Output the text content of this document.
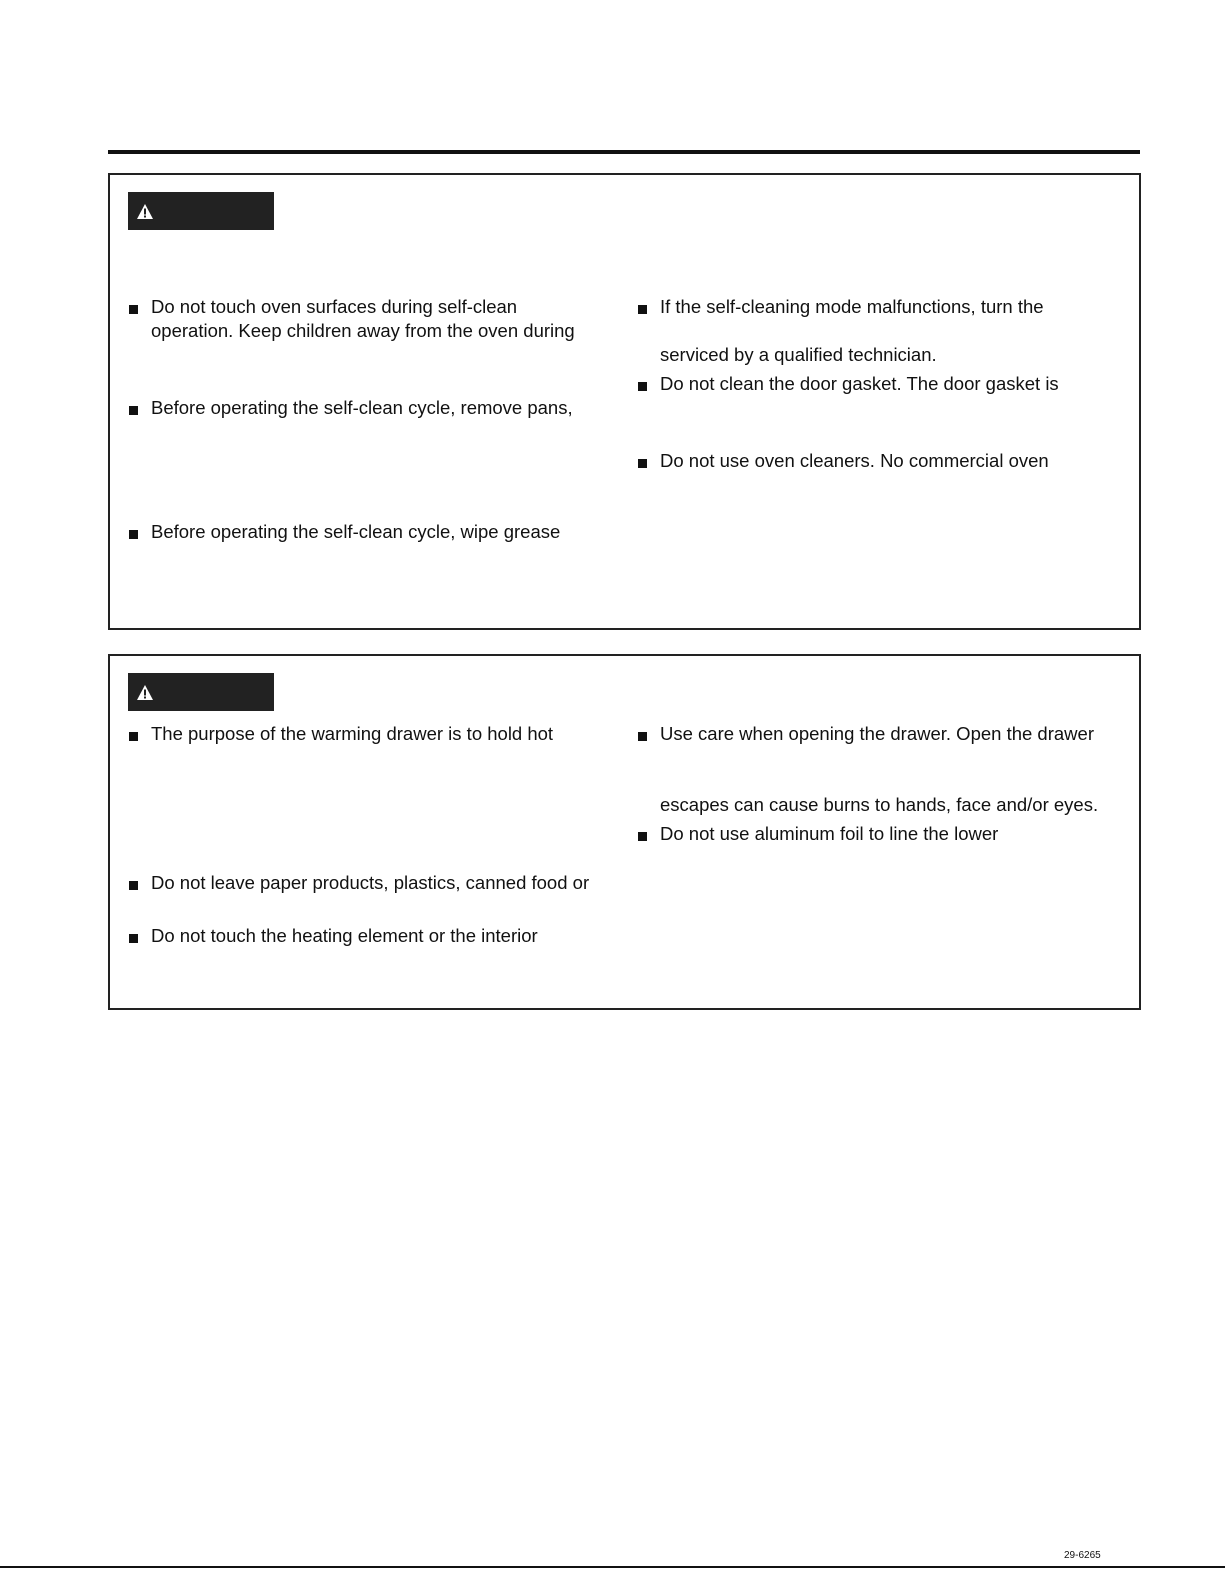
Do not touch oven surfaces during self-clean
operation. Keep children away from the oven during
Before operating the self-clean cycle, remove pans,
Before operating the self-clean cycle, wipe grease
If the self-cleaning mode malfunctions, turn the
serviced by a qualified technician.
Do not clean the door gasket. The door gasket is
Do not use oven cleaners. No commercial oven
The purpose of the warming drawer is to hold hot
Do not leave paper products, plastics, canned food or
Do not touch the heating element or the interior
Use care when opening the drawer. Open the drawer
escapes can cause burns to hands, face and/or eyes.
Do not use aluminum foil to line the lower
29-6265
